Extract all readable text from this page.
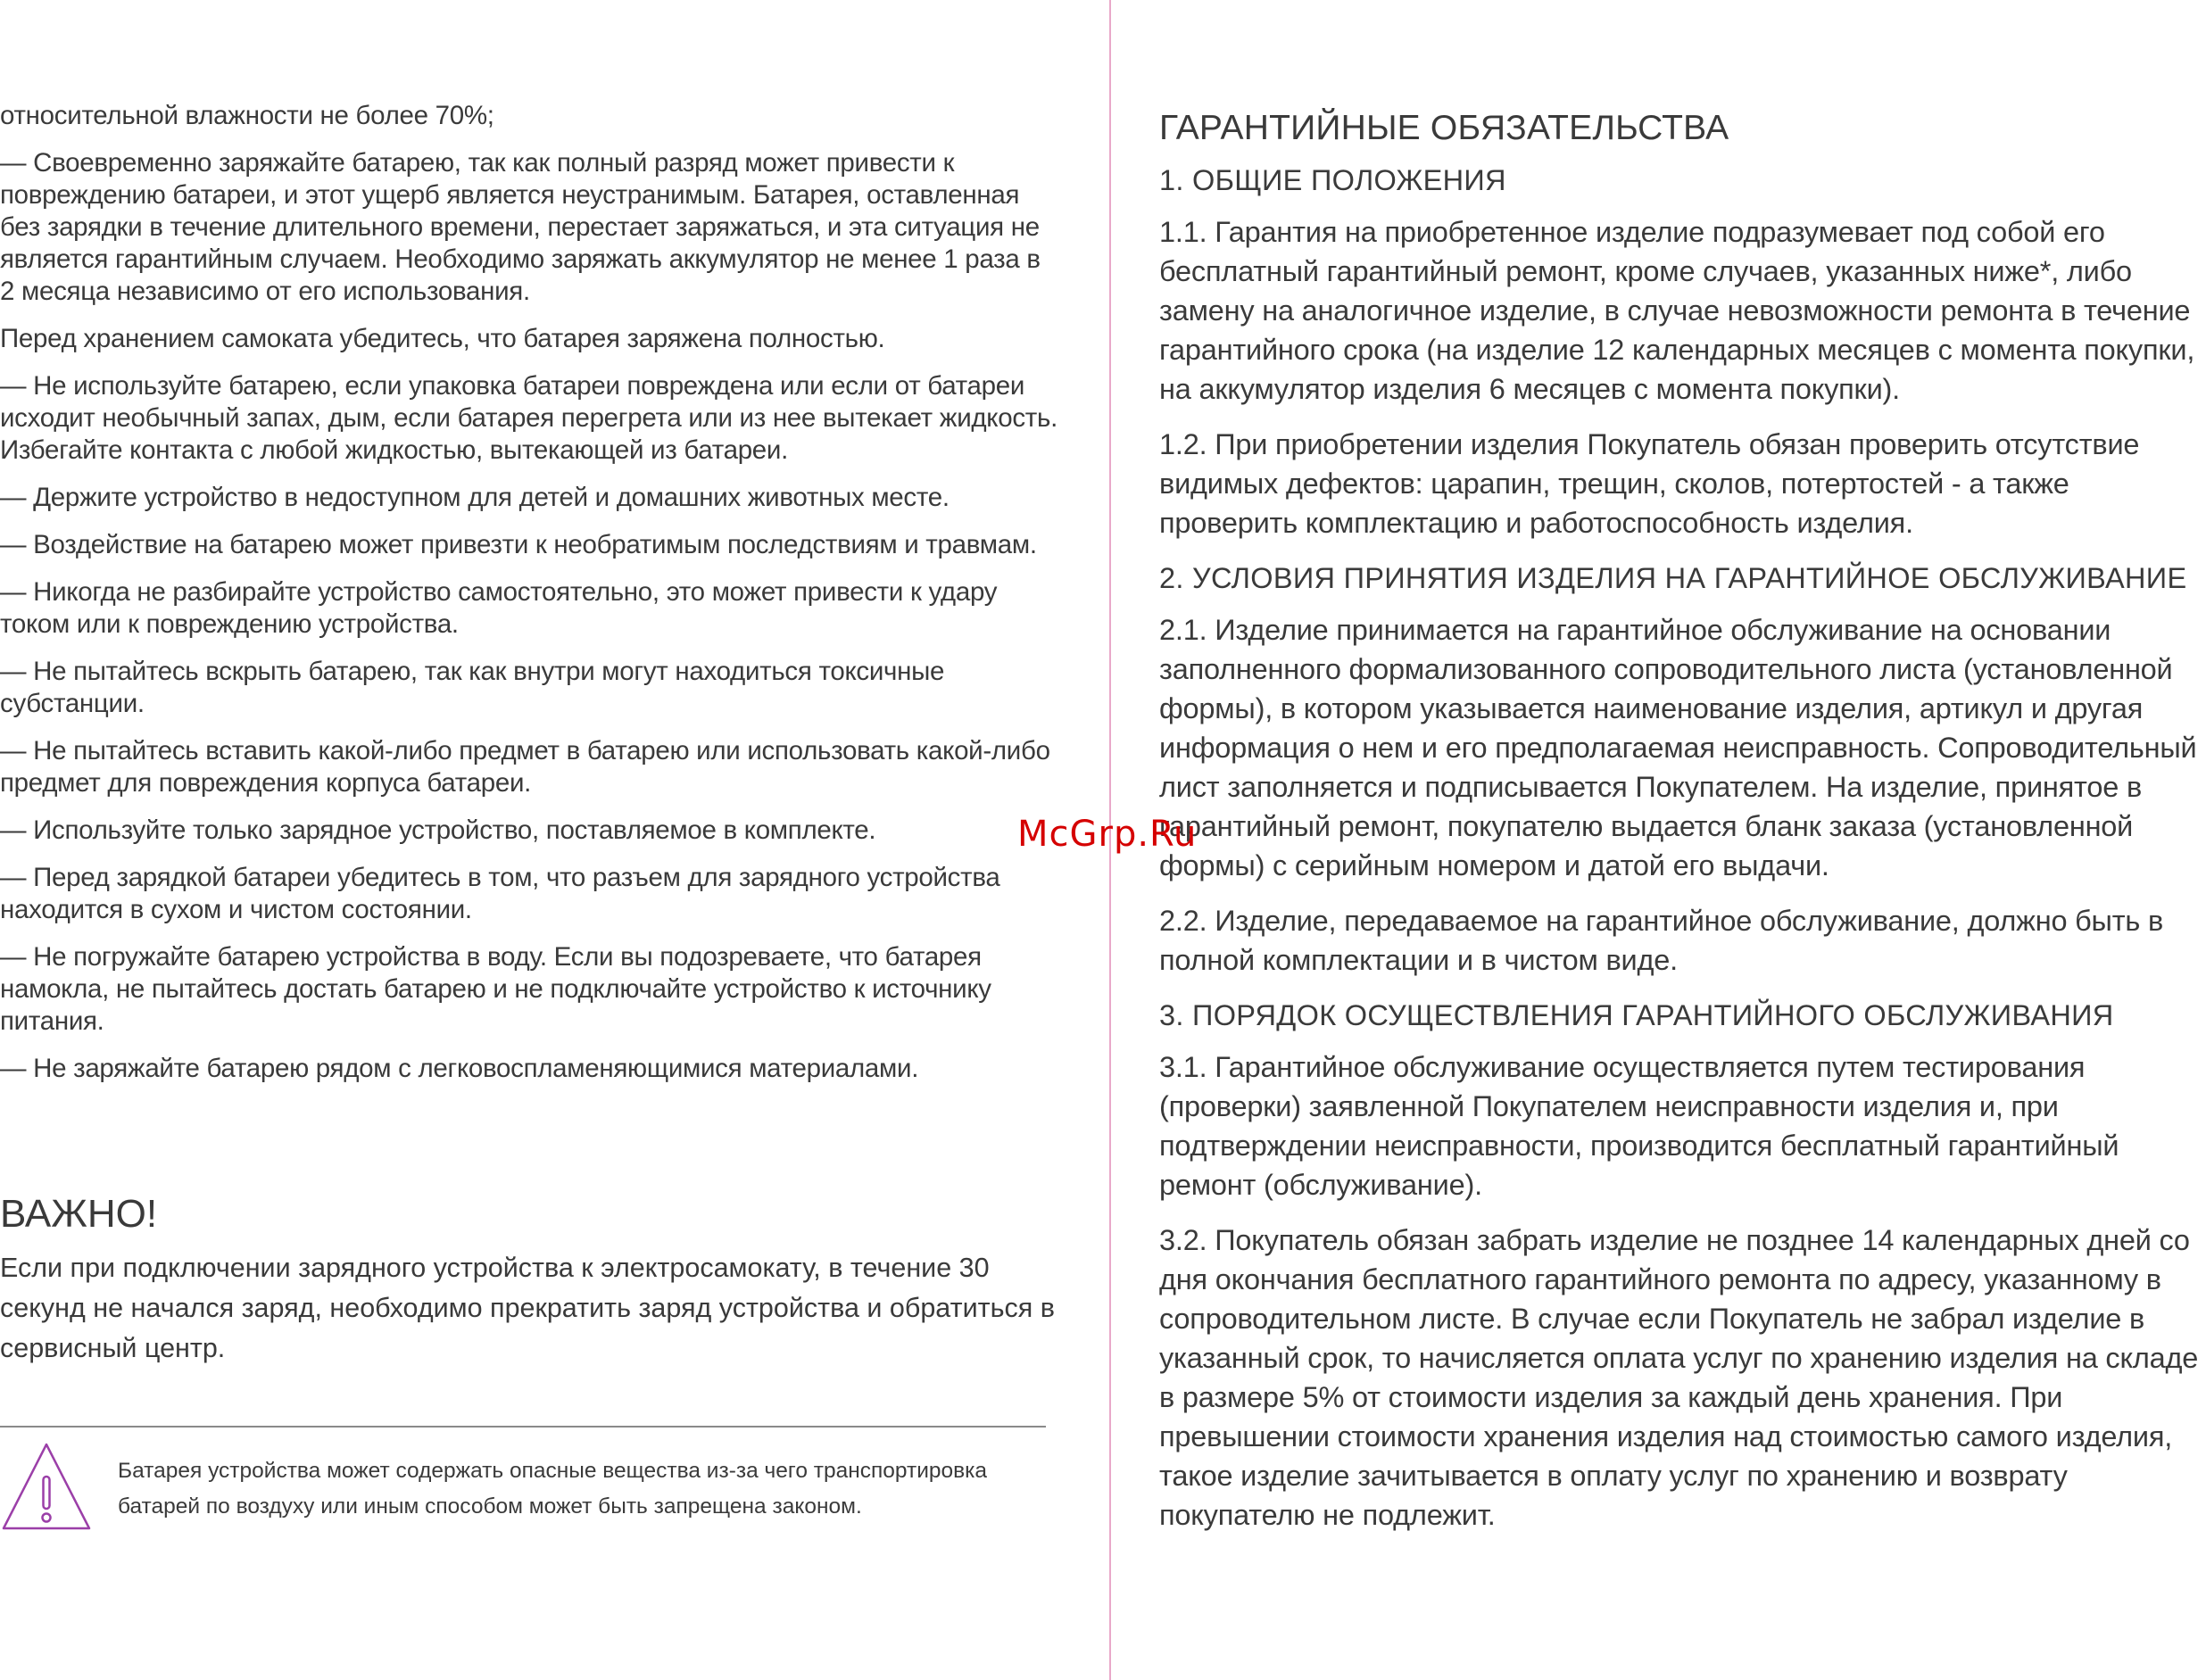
относительной влажности не более 70%;

— Своевременно заряжайте батарею, так как полный разряд может привести к повреждению батареи, и этот ущерб является неустранимым. Батарея, оставленная без зарядки в течение длительного времени, перестает заряжаться, и эта ситуация не является гарантийным случаем. Необходимо заряжать аккумулятор не менее 1 раза в 2 месяца независимо от его использования.

Перед хранением самоката убедитесь, что батарея заряжена полностью.

— Не используйте батарею, если упаковка батареи повреждена или если от батареи исходит необычный запах, дым, если батарея перегрета или из нее вытекает жидкость. Избегайте контакта с любой жидкостью, вытекающей из батареи.

— Держите устройство в недоступном для детей и домашних животных месте.

— Воздействие на батарею может привезти к необратимым последствиям и травмам.

— Никогда не разбирайте устройство самостоятельно, это может привести к удару током или к повреждению устройства.

— Не пытайтесь вскрыть батарею, так как внутри могут находиться токсичные субстанции.

— Не пытайтесь вставить какой-либо предмет в батарею или использовать какой-либо предмет для повреждения корпуса батареи.

— Используйте только зарядное устройство, поставляемое в комплекте.

— Перед зарядкой батареи убедитесь в том, что разъем для зарядного устройства находится в сухом и чистом состоянии.

— Не погружайте батарею устройства в воду. Если вы подозреваете, что батарея намокла, не пытайтесь достать батарею и не подключайте устройство к источнику питания.

— Не заряжайте батарею рядом с легковоспламеняющимися материалами.

ВАЖНО!

Если при подключении зарядного устройства к электросамокату, в течение 30 секунд не начался заряд, необходимо прекратить заряд устройства и обратиться в сервисный центр.

Батарея устройства может содержать опасные вещества из-за чего транспортировка батарей по воздуху или иным способом может быть запрещена законом.

ГАРАНТИЙНЫЕ ОБЯЗАТЕЛЬСТВА
1. ОБЩИЕ ПОЛОЖЕНИЯ

1.1. Гарантия на приобретенное изделие подразумевает под собой его бесплатный гарантийный ремонт, кроме случаев, указанных ниже*, либо замену на аналогичное изделие, в случае невозможности ремонта в течение гарантийного срока (на изделие 12 календарных месяцев с момента покупки, на аккумулятор изделия 6 месяцев с момента покупки).

1.2. При приобретении изделия Покупатель обязан проверить отсутствие видимых дефектов: царапин, трещин, сколов, потертостей - а также проверить комплектацию и работоспособность изделия.

2. УСЛОВИЯ ПРИНЯТИЯ ИЗДЕЛИЯ НА ГАРАНТИЙНОЕ ОБСЛУЖИВАНИЕ

2.1. Изделие принимается на гарантийное обслуживание на основании заполненного формализованного сопроводительного листа (установленной формы), в котором указывается наименование изделия, артикул и другая информация о нем и его предполагаемая неисправность. Сопроводительный лист заполняется и подписывается Покупателем. На изделие, принятое в гарантийный ремонт, покупателю выдается бланк заказа (установленной формы) с серийным номером и датой его выдачи.

2.2. Изделие, передаваемое на гарантийное обслуживание, должно быть в полной комплектации и в чистом виде.

3. ПОРЯДОК ОСУЩЕСТВЛЕНИЯ ГАРАНТИЙНОГО ОБСЛУЖИВАНИЯ

3.1. Гарантийное обслуживание осуществляется путем тестирования (проверки) заявленной Покупателем неисправности изделия и, при подтверждении неисправности, производится бесплатный гарантийный ремонт (обслуживание).

3.2. Покупатель обязан забрать изделие не позднее 14 календарных дней со дня окончания бесплатного гарантийного ремонта по адресу, указанному в сопроводительном листе. В случае если Покупатель не забрал изделие в указанный срок, то начисляется оплата услуг по хранению изделия на складе в размере 5% от стоимости изделия за каждый день хранения. При превышении стоимости хранения изделия над стоимостью самого изделия, такое изделие зачитывается в оплату услуг по хранению и возврату покупателю не подлежит.

McGrp.Ru
